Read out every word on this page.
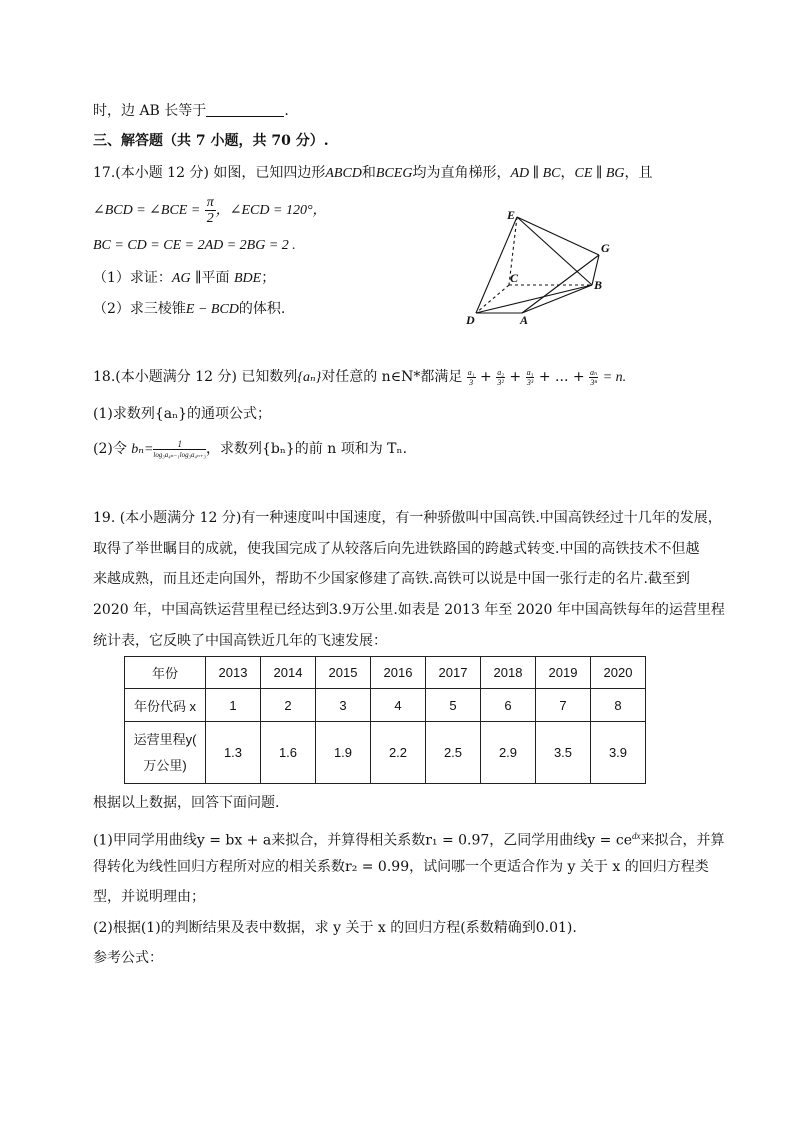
时，边 AB 长等于	.
三、解答题（共 7 小题，共 70 分）.
17.(本小题 12 分) 如图，已知四边形ABCD和BCEG均为直角梯形，AD ∥ BC，CE ∥ BG，且
∠BCD = ∠BCE = $\frac{\pi}{2}$ ，∠ECD = 120°，
BC = CD = CE = 2AD = 2BG = 2 .
（1）求证：AG ∥平面 BDE；
（2）求三棱锥E − BCD的体积.
E
G
C	B
D	A
18.(本小题满分 12 分) 已知数列{aₙ}对任意的 n∈N*都满足 $\frac{\text{a₁}}{3} + \frac{\text{a₂}}{\text{3²}} + \frac{\text{a₃}}{\text{3³}}$ + ... + $\frac{\text{aₙ}}{\text{3ⁿ}} = n$.
(1)求数列{aₙ}的通项公式；
(2)令 $b_n= \frac{1}{\text{log₃a₄ₙ₋₁log₃a₄ₙ₊₃}}$ ，求数列{bₙ}的前 n 项和为 Tₙ.
19. (本小题满分 12 分)有一种速度叫中国速度，有一种骄傲叫中国高铁.中国高铁经过十几年的发展，
取得了举世瞩目的成就，使我国完成了从较落后向先进铁路国的跨越式转变.中国的高铁技术不但越
来越成熟，而且还走向国外，帮助不少国家修建了高铁.高铁可以说是中国一张行走的名片.截至到
2020 年，中国高铁运营里程已经达到3.9万公里.如表是 2013 年至 2020 年中国高铁每年的运营里程
统计表，它反映了中国高铁近几年的飞速发展：
年份	2013	2014	2015	2016	2017	2018	2019	2020
年份代码 x	1	2	3	4	5	6	7	8
运营里程y(
万公里)	1.3	1.6	1.9	2.2	2.5	2.9	3.5	3.9
根据以上数据，回答下面问题.
(1)甲同学用曲线y = bx + a来拟合，并算得相关系数r₁ = 0.97，乙同学用曲线$y = ce^{dx}$来拟合，并算
得转化为线性回归方程所对应的相关系数r₂ = 0.99，试问哪一个更适合作为 y 关于 x 的回归方程类
型，并说明理由；
(2)根据(1)的判断结果及表中数据，求 y 关于 x 的回归方程(系数精确到0.01).
参考公式：
